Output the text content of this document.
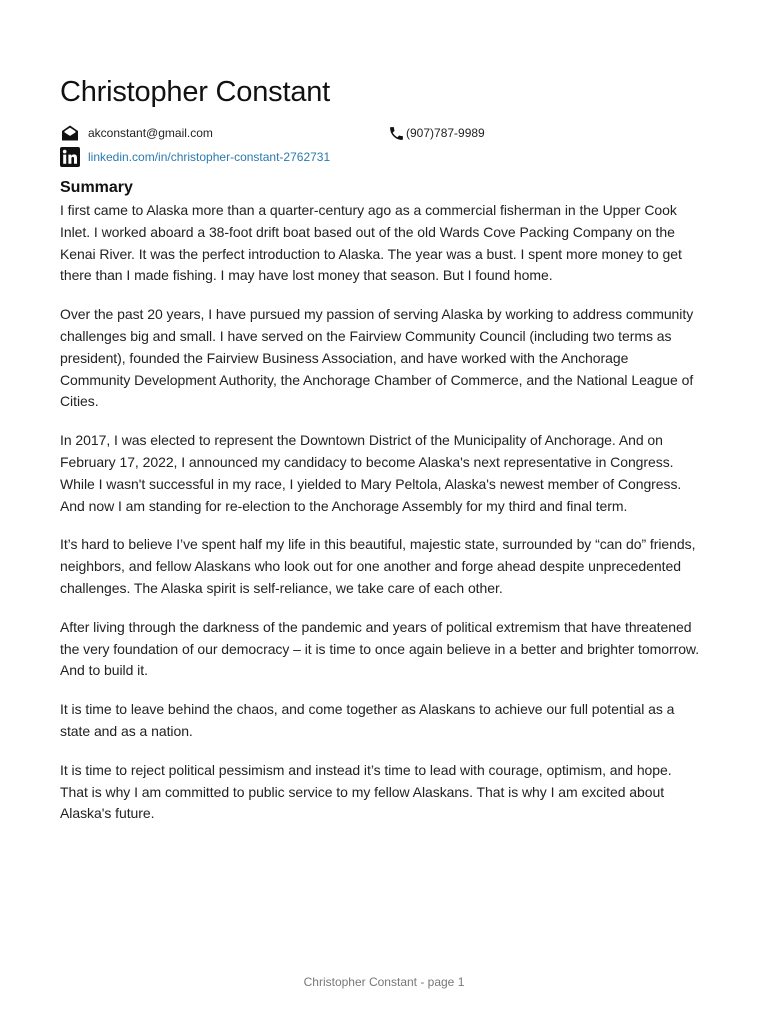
Christopher Constant
akconstant@gmail.com	(907)787-9989
linkedin.com/in/christopher-constant-2762731
Summary

I first came to Alaska more than a quarter-century ago as a commercial fisherman in the Upper Cook Inlet. I worked aboard a 38-foot drift boat based out of the old Wards Cove Packing Company on the Kenai River. It was the perfect introduction to Alaska. The year was a bust. I spent more money to get there than I made fishing. I may have lost money that season. But I found home.

Over the past 20 years, I have pursued my passion of serving Alaska by working to address community challenges big and small. I have served on the Fairview Community Council (including two terms as president), founded the Fairview Business Association, and have worked with the Anchorage Community Development Authority, the Anchorage Chamber of Commerce, and the National League of Cities.

In 2017, I was elected to represent the Downtown District of the Municipality of Anchorage. And on February 17, 2022, I announced my candidacy to become Alaska's next representative in Congress. While I wasn't successful in my race, I yielded to Mary Peltola, Alaska's newest member of Congress. And now I am standing for re-election to the Anchorage Assembly for my third and final term.

It’s hard to believe I’ve spent half my life in this beautiful, majestic state, surrounded by “can do” friends, neighbors, and fellow Alaskans who look out for one another and forge ahead despite unprecedented challenges. The Alaska spirit is self-reliance, we take care of each other.

After living through the darkness of the pandemic and years of political extremism that have threatened the very foundation of our democracy – it is time to once again believe in a better and brighter tomorrow. And to build it.

It is time to leave behind the chaos, and come together as Alaskans to achieve our full potential as a state and as a nation.

It is time to reject political pessimism and instead it’s time to lead with courage, optimism, and hope. That is why I am committed to public service to my fellow Alaskans. That is why I am excited about Alaska's future.

Christopher Constant - page 1
